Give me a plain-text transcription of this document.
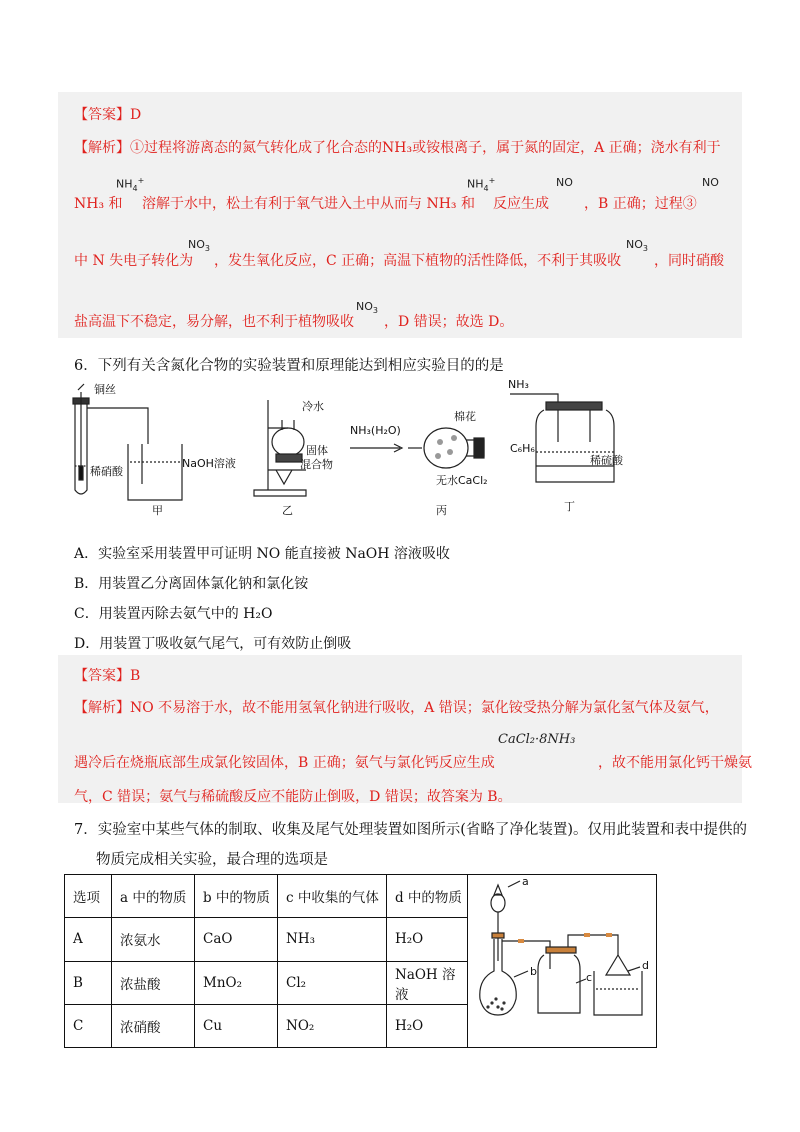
【答案】D
【解析】①过程将游离态的氮气转化成了化合态的NH₃或铵根离子，属于氮的固定，A 正确；浇水有利于
NH₃ 和
$NH_4^+$
溶解于水中，松土有利于氧气进入土中从而与 NH₃ 和
$NH_4^+$
反应生成
NO
，B 正确；过程③
NO
中 N 失电子转化为
$NO_3$
，发生氧化反应，C 正确；高温下植物的活性降低，不利于其吸收
$NO_3$
，同时硝酸
盐高温下不稳定，易分解，也不利于植物吸收
$NO_3$
，D 错误；故选 D。
6．下列有关含氮化合物的实验装置和原理能达到相应实验目的的是
铜丝
稀硝酸
NaOH溶液
甲
冷水
固体
混合物
乙
NH₃(H₂O)
棉花
无水CaCl₂
丙
NH₃
C₆H₆
稀硫酸
丁
A．实验室采用装置甲可证明 NO 能直接被 NaOH 溶液吸收
B．用装置乙分离固体氯化钠和氯化铵
C．用装置丙除去氨气中的 H₂O
D．用装置丁吸收氨气尾气，可有效防止倒吸
【答案】B
【解析】NO 不易溶于水，故不能用氢氧化钠进行吸收，A 错误；氯化铵受热分解为氯化氢气体及氨气，
遇冷后在烧瓶底部生成氯化铵固体，B 正确；氨气与氯化钙反应生成
CaCl₂·8NH₃
，故不能用氯化钙干燥氨
气，C 错误；氨气与稀硫酸反应不能防止倒吸，D 错误；故答案为 B。
7．实验室中某些气体的制取、收集及尾气处理装置如图所示(省略了净化装置)。仅用此装置和表中提供的
物质完成相关实验，最合理的选项是
选项	a 中的物质	b 中的物质	c 中收集的气体	d 中的物质	a
b c
d

A	浓氨水	CaO	NH₃	H₂O	
B	浓盐酸	MnO₂	Cl₂	NaOH 溶液	
C	浓硝酸	Cu	NO₂	H₂O	
